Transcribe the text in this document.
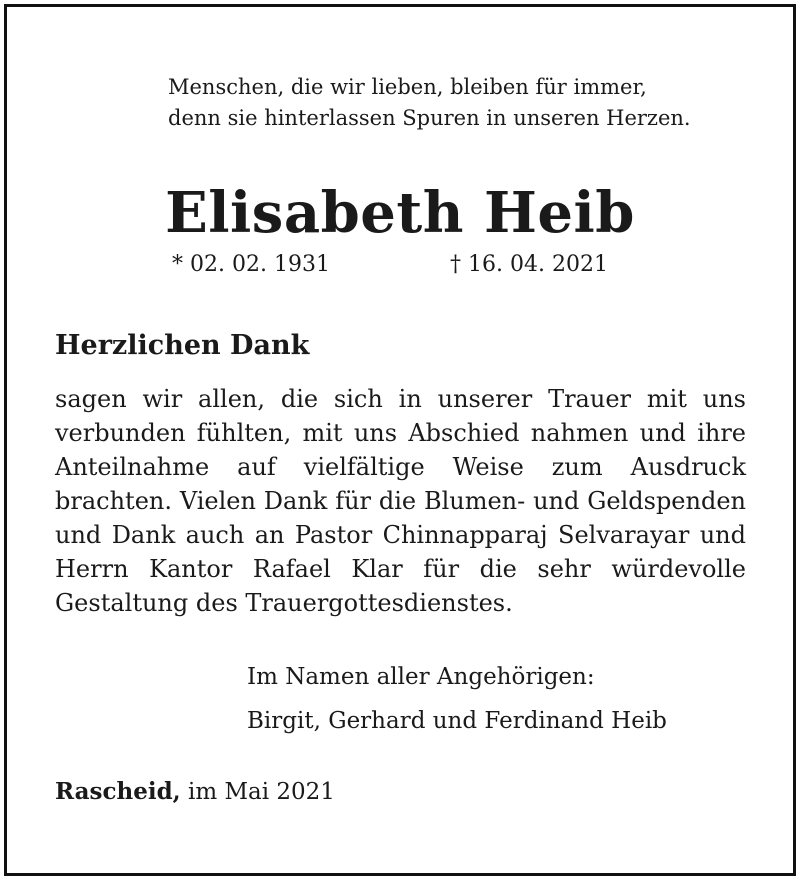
Menschen, die wir lieben, bleiben für immer,
denn sie hinterlassen Spuren in unseren Herzen.
Elisabeth Heib
* 02. 02. 1931	† 16. 04. 2021
Herzlichen Dank
sagen wir allen, die sich in unserer Trauer mit uns verbunden fühlten, mit uns Abschied nahmen und ihre Anteilnahme auf vielfältige Weise zum Ausdruck brachten. Vielen Dank für die Blumen- und Geldspenden und Dank auch an Pastor Chinnapparaj Selvarayar und Herrn Kantor Rafael Klar für die sehr würdevolle Gestaltung des Trauergottesdienstes.
Im Namen aller Angehörigen:
Birgit, Gerhard und Ferdinand Heib
Rascheid, im Mai 2021
